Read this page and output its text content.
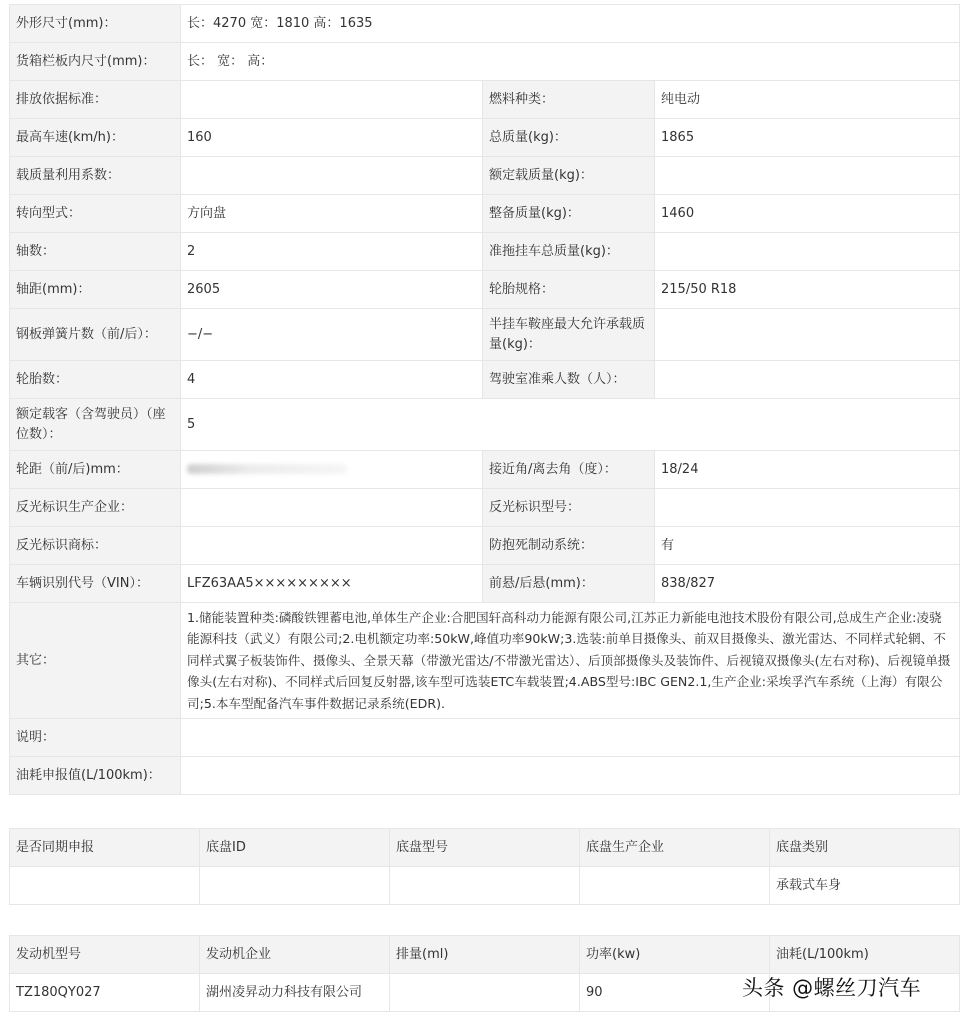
外形尺寸(mm)：	长：4270 宽：1810 高：1635		
货箱栏板内尺寸(mm)：	长： 宽： 高：		
排放依据标准：		燃料种类：	纯电动
最高车速(km/h)：	160	总质量(kg)：	1865
载质量利用系数：		额定载质量(kg)：	
转向型式：	方向盘	整备质量(kg)：	1460
轴数：	2	准拖挂车总质量(kg)：	
轴距(mm)：	2605	轮胎规格：	215/50 R18
钢板弹簧片数（前/后）：	−/−	半挂车鞍座最大允许承载质量(kg)：	
轮胎数：	4	驾驶室准乘人数（人）：	
额定载客（含驾驶员）（座位数）：	5		
轮距（前/后)mm：		接近角/离去角（度）：	18/24
反光标识生产企业：		反光标识型号：	
反光标识商标：		防抱死制动系统：	有
车辆识别代号（VIN）：	LFZ63AA5×××××××××	前悬/后悬(mm)：	838/827
其它：	1.储能装置种类:磷酸铁锂蓄电池,单体生产企业:合肥国轩高科动力能源有限公司,江苏正力新能电池技术股份有限公司,总成生产企业:凌骁能源科技（武义）有限公司;2.电机额定功率:50kW,峰值功率90kW;3.选装:前单目摄像头、前双目摄像头、激光雷达、不同样式轮辋、不同样式翼子板装饰件、摄像头、全景天幕（带激光雷达/不带激光雷达）、后顶部摄像头及装饰件、后视镜双摄像头(左右对称)、后视镜单摄像头(左右对称)、不同样式后回复反射器,该车型可选装ETC车载装置;4.ABS型号:IBC GEN2.1,生产企业:采埃孚汽车系统（上海）有限公司;5.本车型配备汽车事件数据记录系统(EDR).		
说明：			
油耗申报值(L/100km)：			
是否同期申报	底盘ID	底盘型号	底盘生产企业	底盘类别
				承载式车身
发动机型号	发动机企业	排量(ml)	功率(kw)	油耗(L/100km)
TZ180QY027	湖州凌昇动力科技有限公司		90		头条 @螺丝刀汽车
